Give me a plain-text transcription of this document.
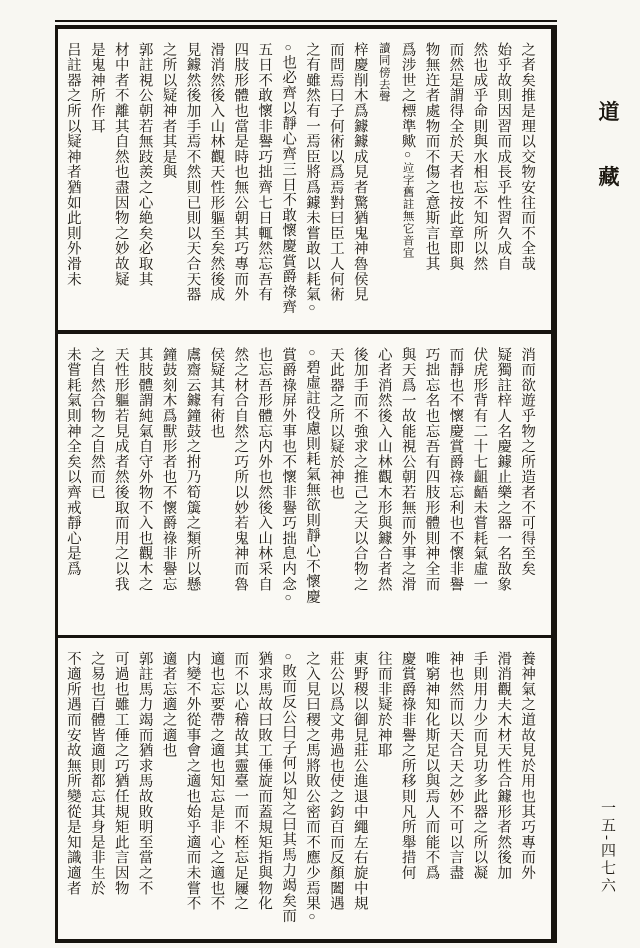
之者矣推是理以交物安往而不全哉
始乎故則因習而成長乎性習久成自
然也成乎命則與水相忘不知所以然
而然是謂得全於天者也按此章即與
物無迕者處物而不傷之意斯言也其
爲涉世之標準歟○竝字舊註無它音宜
讀同傍去聲
梓慶削木爲鐻鐻成見者驚猶鬼神魯侯見
而問焉曰子何術以爲焉對曰臣工人何術
之有雖然有一焉臣將爲鐻未嘗敢以耗氣○
○也必齊以靜心齊三日不敢懷慶賞爵祿齊
五日不敢懷非譽巧拙齊七日輒然忘吾有
四肢形體也當是時也無公朝其巧專而外
滑消然後入山林觀天性形軀至矣然後成
見鐻然後加手焉不然則已則以天合天器
之所以疑神者其是與
郭註視公朝若無跂羨之心絶矣必取其
材中者不離其自然也盡因物之妙故疑
是鬼神所作耳
吕註器之所以疑神者猶如此則外滑未
消而欲遊乎物之所造者不可得至矣
疑獨註梓人名慶鐻止樂之器一名敔象
伏虎形背有二十七齟齬未嘗耗氣虛一
而靜也不懷慶賞爵祿忘利也不懷非譽
巧拙忘名也忘吾有四肢形體則神全而
與天爲一故能視公朝若無而外事之滑
心者消然後入山林觀木形與鐻合者然
後加手而不強求之推己之天以合物之
天此器之所以疑於神也
○碧虛註役慮則耗氣無欲則靜心不懷慶
賞爵祿屏外事也不懷非譽巧拙息内念○
也忘吾形體忘内外也然後入山林采自
然之材合自然之巧所以妙若鬼神而魯
侯疑其有術也
鬳齋云鐻鐘鼓之拊乃筍簴之類所以懸
鐘鼓刻木爲獸形者也不懷爵祿非譽忘
其肢體謂純氣自守外物不入也觀木之
天性形軀若見成者然後取而用之以我
之自然合物之自然而已
未嘗耗氣則神全矣以齊戒靜心是爲
養神氣之道故見於用也其巧專而外
滑消觀夫木材天性合鐻形者然後加
手則用力少而見功多此器之所以凝
神也然而以天合天之妙不可以言盡
唯窮神知化斯足以與焉人而能不爲
慶賞爵祿非譽之所移則凡所舉措何
往而非疑於神耶
東野稷以御見莊公進退中繩左右旋中規
莊公以爲文弗過也使之鈞百而反顏闔遇
之入見曰稷之馬將敗公密而不應少焉果○
○敗而反公曰子何以知之曰其馬力竭矣而
猶求馬故曰敗工倕旋而蓋規矩指與物化
而不以心稽故其靈臺一而不桎忘足屨之
適也忘要帶之適也知忘是非心之適也不
内變不外從事會之適也始乎適而未嘗不
適者忘適之適也
郭註馬力竭而猶求馬故敗明至當之不
可過也雖工倕之巧猶任規矩此言因物
之易也百體皆適則都忘其身是非生於
不適所遇而安故無所變從是知識適者
道
藏
一五-四七六
